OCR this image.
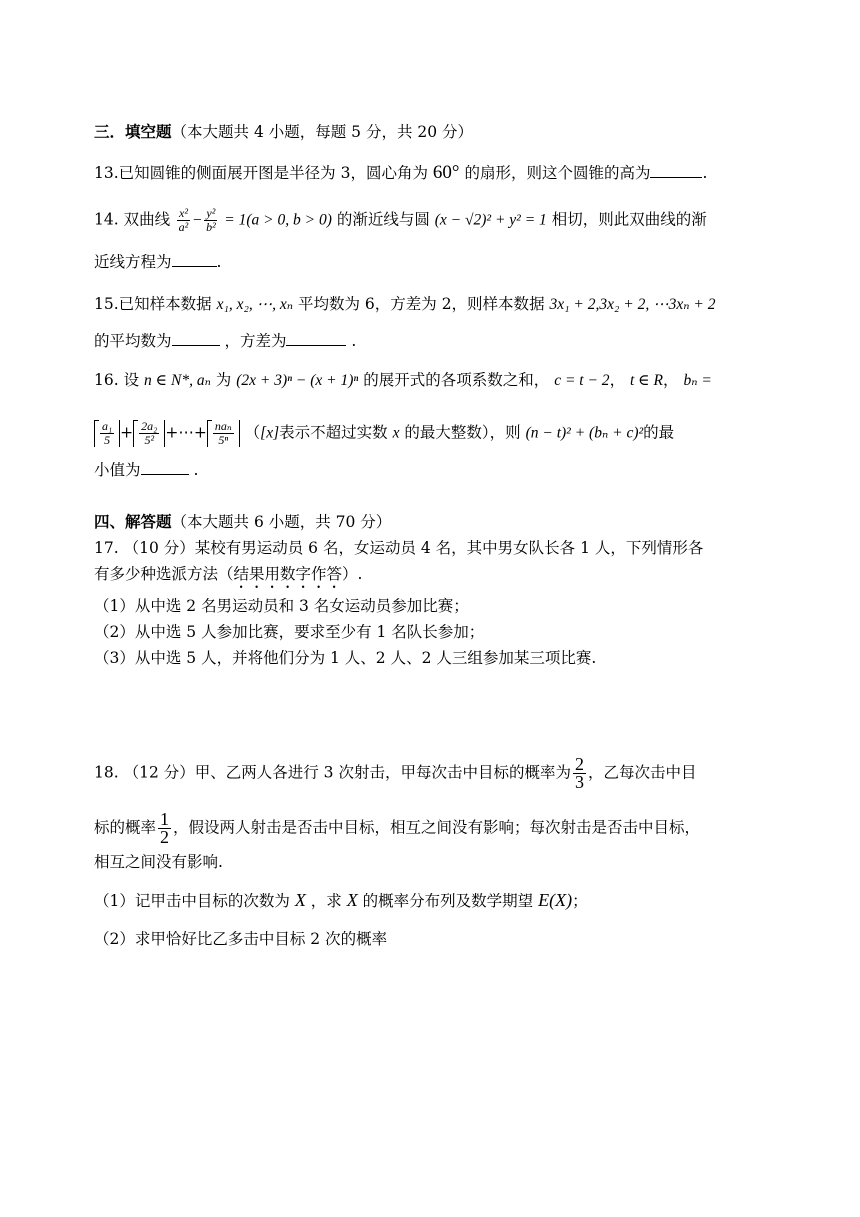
三．填空题（本大题共 4 小题，每题 5 分，共 20 分）
13.已知圆锥的侧面展开图是半径为 3，圆心角为 60° 的扇形，则这个圆锥的高为	.
14. 双曲线 $\frac{\text{x²}}{\text{a²}} - \frac{\text{y²}}{\text{b²}} = 1(a > 0$, b > 0) 的渐近线与圆 (x − √2)² + y² = 1 相切，则此双曲线的渐
近线方程为	.
15.已知样本数据 x₁, x₂, ⋯, xₙ 平均数为 6，方差为 2，则样本数据 3x₁ + 2,3x₂ + 2, ⋯3xₙ + 2
的平均数为	，方差为	.
16. 设 n ∈ N*, aₙ 为 (2x + 3)ⁿ − (x + 1)ⁿ 的展开式的各项系数之和， c = t − 2， t ∈ R， bₙ =
$\frac{\text{a₁}}{5} + \frac{\text{2a₂}}{\text{5²}}$ +⋯+ $\frac{\text{naₙ}}{\text{5ⁿ}} ([x]$表示不超过实数 x 的最大整数），则 (n − t)² + (bₙ + c)²的最
小值为	.
四、解答题（本大题共 6 小题，共 70 分）
17. （10 分）某校有男运动员 6 名，女运动员 4 名，其中男女队长各 1 人，下列情形各
有多少种选派方法（结果用数字作答）.
（1）从中选 2 名男运动员和 3 名女运动员参加比赛；
（2）从中选 5 人参加比赛，要求至少有 1 名队长参加；
（3）从中选 5 人，并将他们分为 1 人、2 人、2 人三组参加某三项比赛.
18. （12 分）甲、乙两人各进行 3 次射击，甲每次击中目标的概率为 $\frac{2}{3}$ ，乙每次击中目
标的概率 $\frac{1}{2}$ ，假设两人射击是否击中目标，相互之间没有影响；每次射击是否击中目标，
相互之间没有影响.
（1）记甲击中目标的次数为 X ，求 X 的概率分布列及数学期望 E(X)；
（2）求甲恰好比乙多击中目标 2 次的概率
